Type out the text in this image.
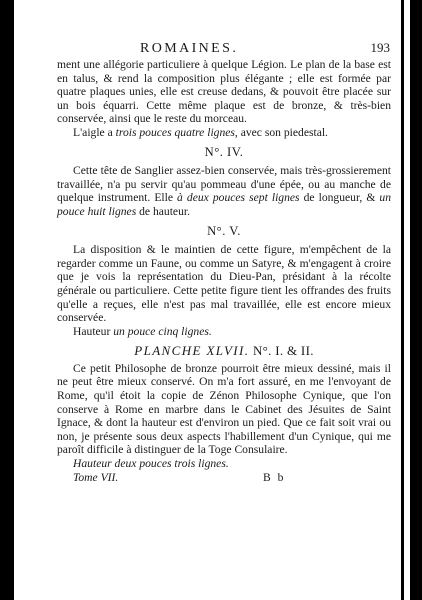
ROMAINES.	193

ment une allégorie particuliere à quelque Légion. Le plan de la base est en talus, & rend la composition plus élégante ; elle est formée par quatre plaques unies, elle est creuse dedans, & pouvoit être placée sur un bois équarri. Cette même plaque est de bronze, & très-bien conservée, ainsi que le reste du morceau.

L'aigle a trois pouces quatre lignes, avec son piedestal.

N°. IV.

Cette tête de Sanglier assez-bien conservée, mais très-grossierement travaillée, n'a pu servir qu'au pommeau d'une épée, ou au manche de quelque instrument. Elle à deux pouces sept lignes de longueur, & un pouce huit lignes de hauteur.

N°. V.

La disposition & le maintien de cette figure, m'empêchent de la regarder comme un Faune, ou comme un Satyre, & m'engagent à croire que je vois la représentation du Dieu-Pan, présidant à la récolte générale ou particuliere. Cette petite figure tient les offrandes des fruits qu'elle a reçues, elle n'est pas mal travaillée, elle est encore mieux conservée.

Hauteur un pouce cinq lignes.

PLANCHE XLVII. N°. I. & II.

Ce petit Philosophe de bronze pourroit être mieux dessiné, mais il ne peut être mieux conservé. On m'a fort assuré, en me l'envoyant de Rome, qu'il étoit la copie de Zénon Philosophe Cynique, que l'on conserve à Rome en marbre dans le Cabinet des Jésuites de Saint Ignace, & dont la hauteur est d'environ un pied. Que ce fait soit vrai ou non, je présente sous deux aspects l'habillement d'un Cynique, qui me paroît difficile à distinguer de la Toge Consulaire.

Hauteur deux pouces trois lignes.

Tome VII.	B b
